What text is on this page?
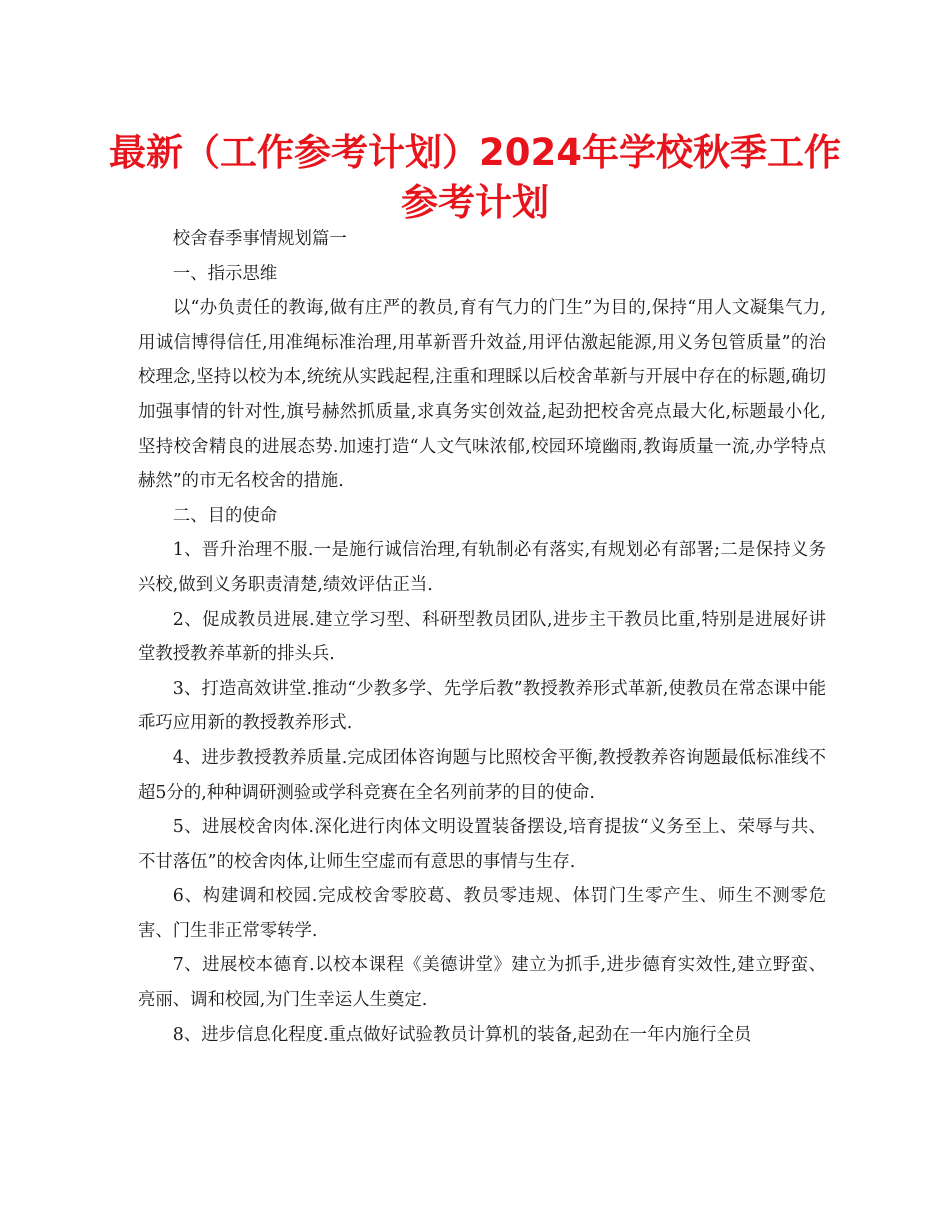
最新（工作参考计划）2024年学校秋季工作参考计划

校舍春季事情规划篇一

一、指示思维

以“办负责任的教诲,做有庄严的教员,育有气力的门生”为目的,保持“用人文凝集气力,用诚信博得信任,用准绳标准治理,用革新晋升效益,用评估激起能源,用义务包管质量”的治校理念,坚持以校为本,统统从实践起程,注重和理睬以后校舍革新与开展中存在的标题,确切加强事情的针对性,旗号赫然抓质量,求真务实创效益,起劲把校舍亮点最大化,标题最小化,坚持校舍精良的进展态势.加速打造“人文气味浓郁,校园环境幽雨,教诲质量一流,办学特点赫然”的市无名校舍的措施.

二、目的使命

1、晋升治理不服.一是施行诚信治理,有轨制必有落实,有规划必有部署;二是保持义务兴校,做到义务职责清楚,绩效评估正当.

2、促成教员进展.建立学习型、科研型教员团队,进步主干教员比重,特别是进展好讲堂教授教养革新的排头兵.

3、打造高效讲堂.推动“少教多学、先学后教”教授教养形式革新,使教员在常态课中能乖巧应用新的教授教养形式.

4、进步教授教养质量.完成团体咨询题与比照校舍平衡,教授教养咨询题最低标准线不超5分的,种种调研测验或学科竞赛在全名列前茅的目的使命.

5、进展校舍肉体.深化进行肉体文明设置装备摆设,培育提拔“义务至上、荣辱与共、不甘落伍”的校舍肉体,让师生空虚而有意思的事情与生存.

6、构建调和校园.完成校舍零胶葛、教员零违规、体罚门生零产生、师生不测零危害、门生非正常零转学.

7、进展校本德育.以校本课程《美德讲堂》建立为抓手,进步德育实效性,建立野蛮、亮丽、调和校园,为门生幸运人生奠定.

8、进步信息化程度.重点做好试验教员计算机的装备,起劲在一年内施行全员
